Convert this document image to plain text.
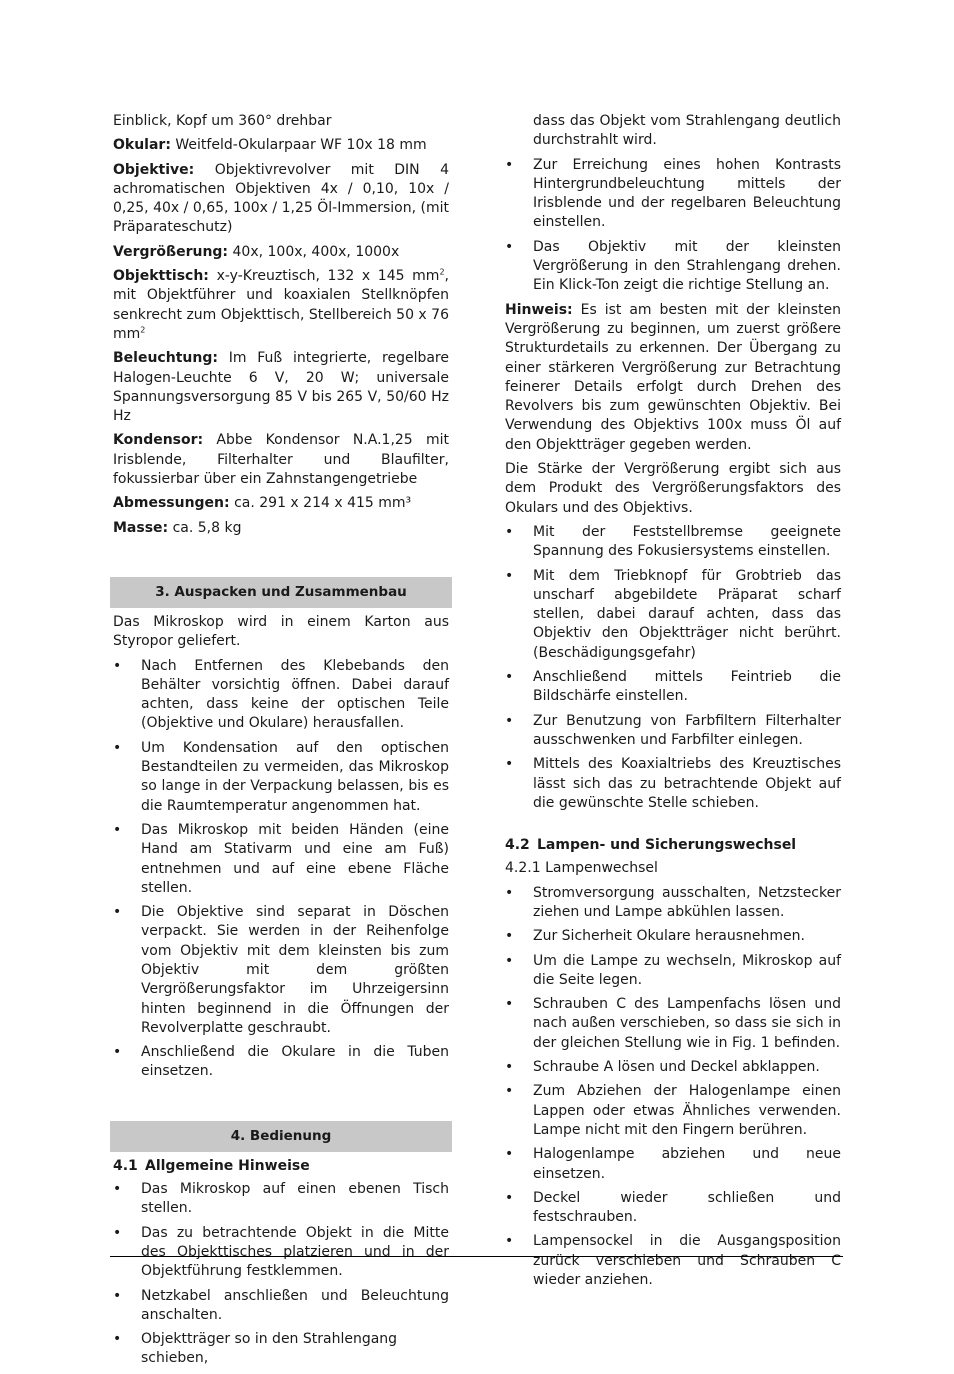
Einblick, Kopf um 360° drehbar

Okular: Weitfeld-Okularpaar WF 10x 18 mm

Objektive: Objektivrevolver mit DIN 4 achromatischen Objektiven 4x / 0,10, 10x / 0,25, 40x / 0,65, 100x / 1,25 Öl-Immersion, (mit Präparateschutz)

Vergrößerung: 40x, 100x, 400x, 1000x

Objekttisch: x-y-Kreuztisch, 132 x 145 $mm^2$, mit Objektführer und koaxialen Stellknöpfen senkrecht zum Objekttisch, Stellbereich 50 x 76 $mm^2$

Beleuchtung: Im Fuß integrierte, regelbare Halogen-Leuchte 6 V, 20 W; universale Spannungsversorgung 85 V bis 265 V, 50/60 Hz Hz

Kondensor: Abbe Kondensor N.A.1,25 mit Irisblende, Filterhalter und Blaufilter, fokussierbar über ein Zahnstangengetriebe

Abmessungen: ca. 291 x 214 x 415 mm³

Masse: ca. 5,8 kg

3. Auspacken und Zusammenbau

Das Mikroskop wird in einem Karton aus Styropor geliefert.

• Nach Entfernen des Klebebands den Behälter vorsichtig öffnen. Dabei darauf achten, dass keine der optischen Teile (Objektive und Okulare) herausfallen.
• Um Kondensation auf den optischen Bestandteilen zu vermeiden, das Mikroskop so lange in der Verpackung belassen, bis es die Raumtemperatur angenommen hat.
• Das Mikroskop mit beiden Händen (eine Hand am Stativarm und eine am Fuß) entnehmen und auf eine ebene Fläche stellen.
• Die Objektive sind separat in Döschen verpackt. Sie werden in der Reihenfolge vom Objektiv mit dem kleinsten bis zum Objektiv mit dem größten Vergrößerungsfaktor im Uhrzeigersinn hinten beginnend in die Öffnungen der Revolverplatte geschraubt.
• Anschließend die Okulare in die Tuben einsetzen.
4. Bedienung

4.1 Allgemeine Hinweise

• Das Mikroskop auf einen ebenen Tisch stellen.
• Das zu betrachtende Objekt in die Mitte des Objekttisches platzieren und in der Objektführung festklemmen.
• Netzkabel anschließen und Beleuchtung anschalten.
• Objektträger so in den Strahlengang schieben,

dass das Objekt vom Strahlengang deutlich durchstrahlt wird.

• Zur Erreichung eines hohen Kontrasts Hintergrundbeleuchtung mittels der Irisblende und der regelbaren Beleuchtung einstellen.
• Das Objektiv mit der kleinsten Vergrößerung in den Strahlengang drehen. Ein Klick-Ton zeigt die richtige Stellung an.

Hinweis: Es ist am besten mit der kleinsten Vergrößerung zu beginnen, um zuerst größere Strukturdetails zu erkennen. Der Übergang zu einer stärkeren Vergrößerung zur Betrachtung feinerer Details erfolgt durch Drehen des Revolvers bis zum gewünschten Objektiv. Bei Verwendung des Objektivs 100x muss Öl auf den Objektträger gegeben werden.

Die Stärke der Vergrößerung ergibt sich aus dem Produkt des Vergrößerungsfaktors des Okulars und des Objektivs.

• Mit der Feststellbremse geeignete Spannung des Fokusiersystems einstellen.
• Mit dem Triebknopf für Grobtrieb das unscharf abgebildete Präparat scharf stellen, dabei darauf achten, dass das Objektiv den Objektträger nicht berührt. (Beschädigungsgefahr)
• Anschließend mittels Feintrieb die Bildschärfe einstellen.
• Zur Benutzung von Farbfiltern Filterhalter ausschwenken und Farbfilter einlegen.
• Mittels des Koaxialtriebs des Kreuztisches lässt sich das zu betrachtende Objekt auf die gewünschte Stelle schieben.

4.2 Lampen- und Sicherungswechsel

4.2.1 Lampenwechsel

• Stromversorgung ausschalten, Netzstecker ziehen und Lampe abkühlen lassen.
• Zur Sicherheit Okulare herausnehmen.
• Um die Lampe zu wechseln, Mikroskop auf die Seite legen.
• Schrauben C des Lampenfachs lösen und nach außen verschieben, so dass sie sich in der gleichen Stellung wie in Fig. 1 befinden.
• Schraube A lösen und Deckel abklappen.
• Zum Abziehen der Halogenlampe einen Lappen oder etwas Ähnliches verwenden. Lampe nicht mit den Fingern berühren.
• Halogenlampe abziehen und neue einsetzen.
• Deckel wieder schließen und festschrauben.
• Lampensockel in die Ausgangsposition zurück verschieben und Schrauben C wieder anziehen.
